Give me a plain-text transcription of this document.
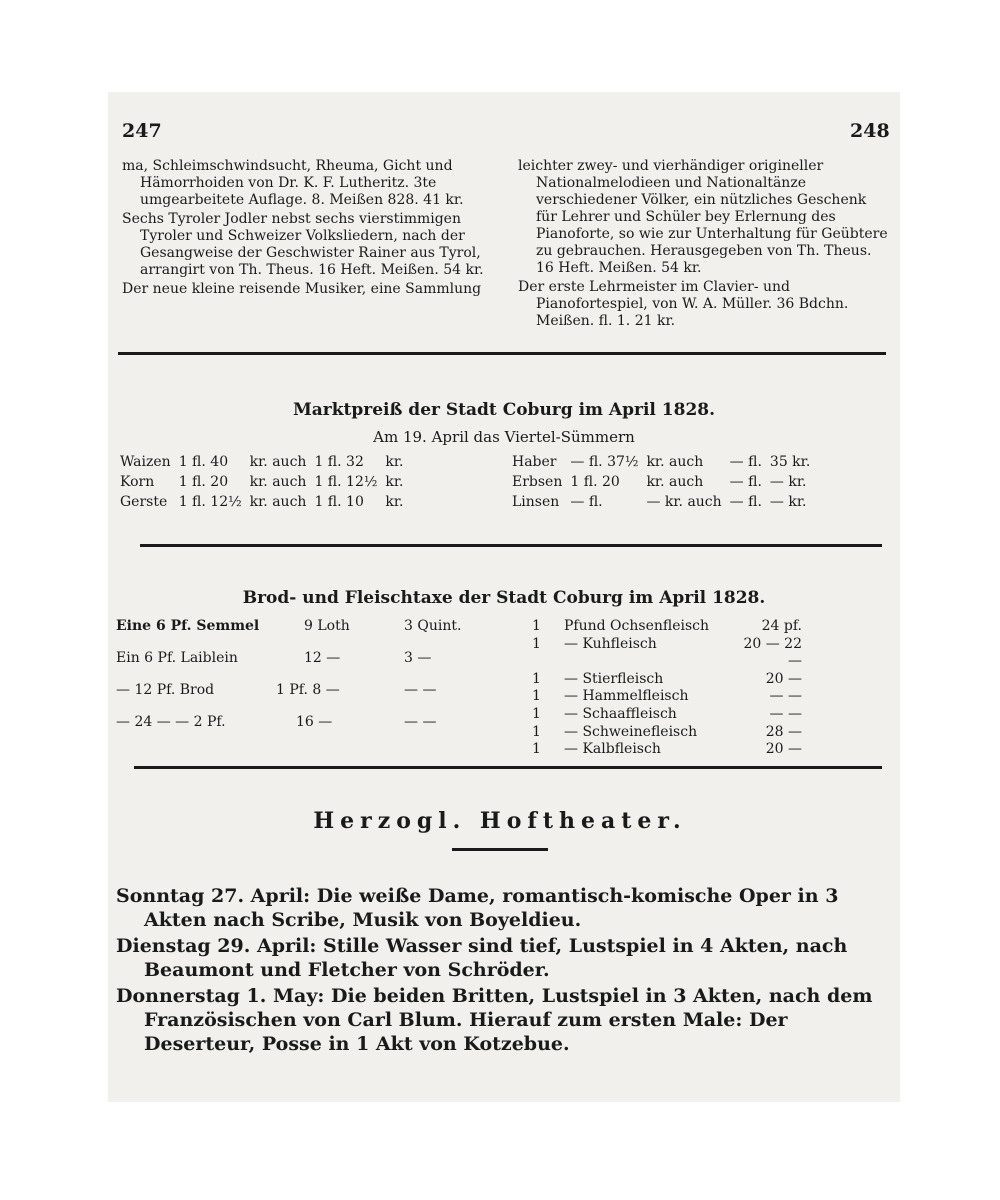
247	248

ma, Schleimschwindsucht, Rheuma, Gicht und Hämorrhoiden von Dr. K. F. Lutheritz. 3te umgearbeitete Auflage. 8. Meißen 828. 41 kr.

Sechs Tyroler Jodler nebst sechs vierstimmigen Tyroler und Schweizer Volksliedern, nach der Gesangweise der Geschwister Rainer aus Tyrol, arrangirt von Th. Theus. 16 Heft. Meißen. 54 kr.

Der neue kleine reisende Musiker, eine Sammlung

leichter zwey- und vierhändiger origineller Nationalmelodieen und Nationaltänze verschiedener Völker, ein nützliches Geschenk für Lehrer und Schüler bey Erlernung des Pianoforte, so wie zur Unterhaltung für Geübtere zu gebrauchen. Herausgegeben von Th. Theus. 16 Heft. Meißen. 54 kr.

Der erste Lehrmeister im Clavier- und Pianofortespiel, von W. A. Müller. 36 Bdchn. Meißen. fl. 1. 21 kr.

Marktpreiß der Stadt Coburg im April 1828.
Am 19. April das Viertel-Sümmern
Waizen	1 fl. 40	kr. auch	1 fl. 32	kr.
Korn	1 fl. 20	kr. auch	1 fl. 12½	kr.
Gerste	1 fl. 12½	kr. auch	1 fl. 10	kr.
Haber	— fl. 37½	kr. auch	— fl.	35 kr.
Erbsen	1 fl. 20	kr. auch	— fl.	— kr.
Linsen	— fl.	— kr. auch	— fl.	— kr.
Brod- und Fleischtaxe der Stadt Coburg im April 1828.
Eine 6 Pf. Semmel	9 Loth	3 Quint.
Ein 6 Pf. Laiblein	12 —	3 —
— 12 Pf. Brod	1 Pf. 8 —	— —
— 24 — — 2 Pf.	16 —	— —
1	Pfund Ochsenfleisch	24 pf.
1	— Kuhfleisch	20 — 22 —
1	— Stierfleisch	20 —
1	— Hammelfleisch	— —
1	— Schaaffleisch	— —
1	— Schweinefleisch	28 —
1	— Kalbfleisch	20 —
Herzogl. Hoftheater.

Sonntag 27. April: Die weiße Dame, romantisch-komische Oper in 3 Akten nach Scribe, Musik von Boyeldieu.

Dienstag 29. April: Stille Wasser sind tief, Lustspiel in 4 Akten, nach Beaumont und Fletcher von Schröder.

Donnerstag 1. May: Die beiden Britten, Lustspiel in 3 Akten, nach dem Französischen von Carl Blum. Hierauf zum ersten Male: Der Deserteur, Posse in 1 Akt von Kotzebue.
